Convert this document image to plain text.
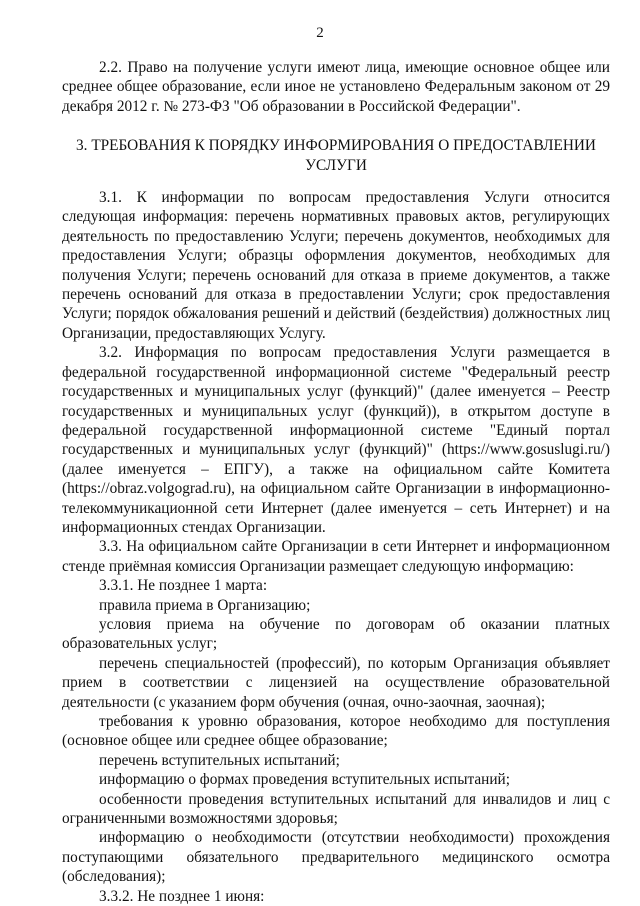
2

2.2. Право на получение услуги имеют лица, имеющие основное общее или среднее общее образование, если иное не установлено Федеральным законом от 29 декабря 2012 г. № 273-ФЗ "Об образовании в Российской Федерации".

3. ТРЕБОВАНИЯ К ПОРЯДКУ ИНФОРМИРОВАНИЯ О ПРЕДОСТАВЛЕНИИ УСЛУГИ

3.1. К информации по вопросам предоставления Услуги относится следующая информация: перечень нормативных правовых актов, регулирующих деятельность по предоставлению Услуги; перечень документов, необходимых для предоставления Услуги; образцы оформления документов, необходимых для получения Услуги; перечень оснований для отказа в приеме документов, а также перечень оснований для отказа в предоставлении Услуги; срок предоставления Услуги; порядок обжалования решений и действий (бездействия) должностных лиц Организации, предоставляющих Услугу.

3.2. Информация по вопросам предоставления Услуги размещается в федеральной государственной информационной системе "Федеральный реестр государственных и муниципальных услуг (функций)" (далее именуется – Реестр государственных и муниципальных услуг (функций)), в открытом доступе в федеральной государственной информационной системе "Единый портал государственных и муниципальных услуг (функций)" (https://www.gosuslugi.ru/) (далее именуется – ЕПГУ), а также на официальном сайте Комитета (https://obraz.volgograd.ru), на официальном сайте Организации в информационно-телекоммуникационной сети Интернет (далее именуется – сеть Интернет) и на информационных стендах Организации.

3.3. На официальном сайте Организации в сети Интернет и информационном стенде приёмная комиссия Организации размещает следующую информацию:

3.3.1. Не позднее 1 марта:

правила приема в Организацию;

условия приема на обучение по договорам об оказании платных образовательных услуг;

перечень специальностей (профессий), по которым Организация объявляет прием в соответствии с лицензией на осуществление образовательной деятельности (с указанием форм обучения (очная, очно-заочная, заочная);

требования к уровню образования, которое необходимо для поступления (основное общее или среднее общее образование;

перечень вступительных испытаний;

информацию о формах проведения вступительных испытаний;

особенности проведения вступительных испытаний для инвалидов и лиц с ограниченными возможностями здоровья;

информацию о необходимости (отсутствии необходимости) прохождения поступающими обязательного предварительного медицинского осмотра (обследования);

3.3.2. Не позднее 1 июня:
